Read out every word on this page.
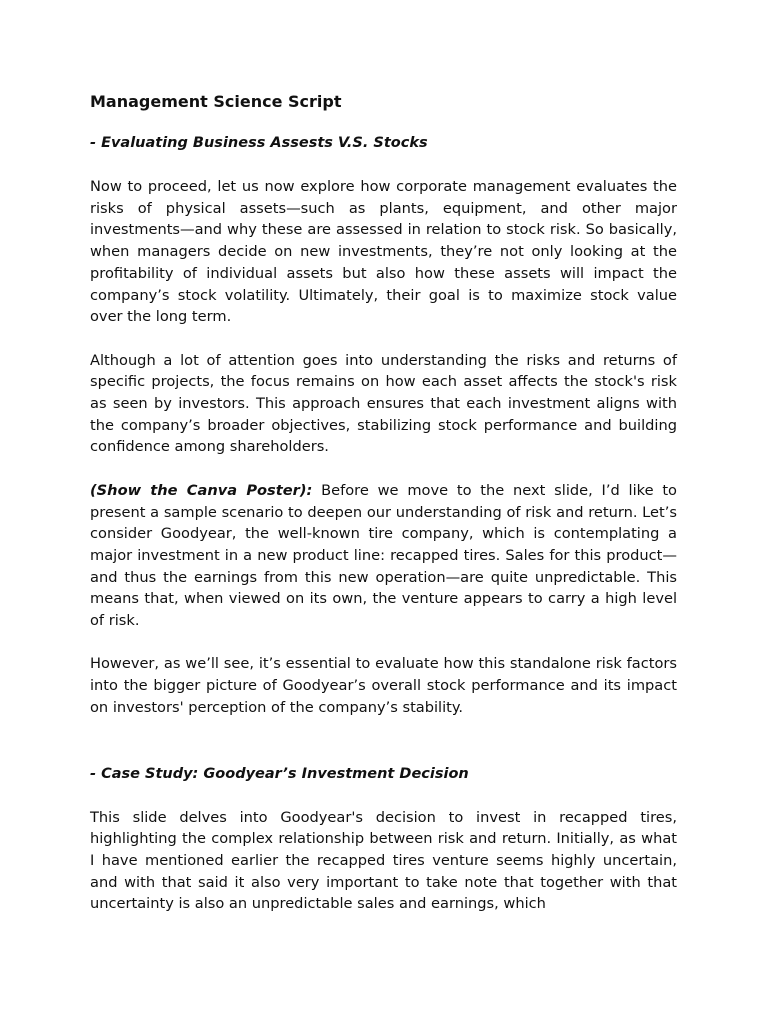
Management Science Script
- Evaluating Business Assests V.S. Stocks

Now to proceed, let us now explore how corporate management evaluates the risks of physical assets—such as plants, equipment, and other major investments—and why these are assessed in relation to stock risk. So basically, when managers decide on new investments, they’re not only looking at the profitability of individual assets but also how these assets will impact the company’s stock volatility. Ultimately, their goal is to maximize stock value over the long term.

Although a lot of attention goes into understanding the risks and returns of specific projects, the focus remains on how each asset affects the stock's risk as seen by investors. This approach ensures that each investment aligns with the company’s broader objectives, stabilizing stock performance and building confidence among shareholders.

(Show the Canva Poster): Before we move to the next slide, I’d like to present a sample scenario to deepen our understanding of risk and return. Let’s consider Goodyear, the well-known tire company, which is contemplating a major investment in a new product line: recapped tires. Sales for this product—and thus the earnings from this new operation—are quite unpredictable. This means that, when viewed on its own, the venture appears to carry a high level of risk.

However, as we’ll see, it’s essential to evaluate how this standalone risk factors into the bigger picture of Goodyear’s overall stock performance and its impact on investors' perception of the company’s stability.

- Case Study: Goodyear’s Investment Decision

This slide delves into Goodyear's decision to invest in recapped tires, highlighting the complex relationship between risk and return. Initially, as what I have mentioned earlier the recapped tires venture seems highly uncertain, and with that said it also very important to take note that together with that uncertainty is also an unpredictable sales and earnings, which
